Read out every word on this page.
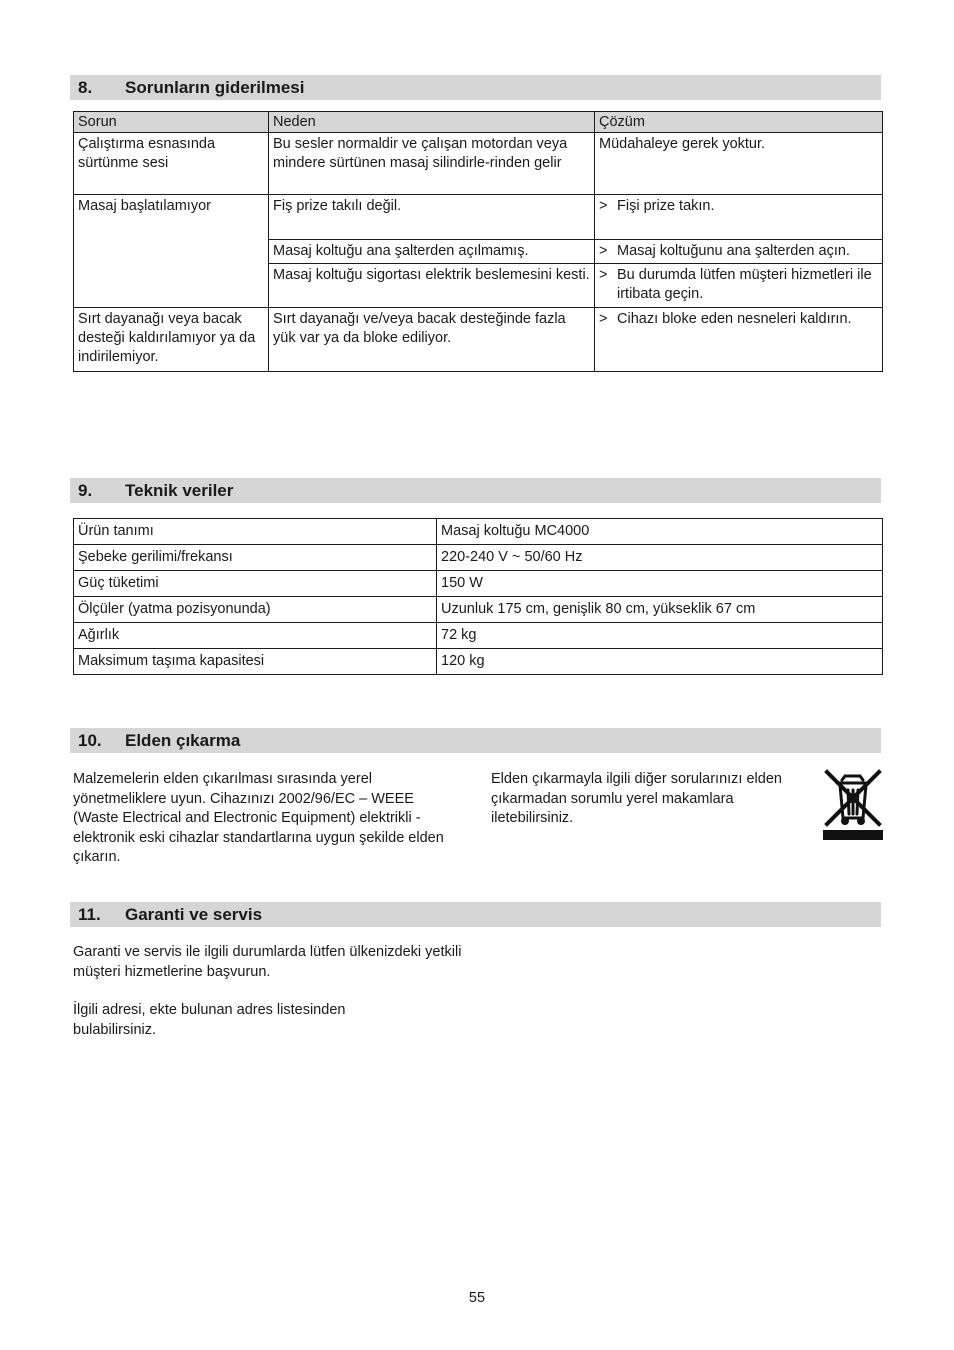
8. Sorunların giderilmesi
Sorun	Neden	Çözüm
Çalıştırma esnasında sürtünme sesi	Bu sesler normaldir ve çalışan motordan veya mindere sürtünen masaj silindirle-rinden gelir	Müdahaleye gerek yoktur.
Masaj başlatılamıyor	Fiş prize takılı değil.	> Fişi prize takın.

	Masaj koltuğu ana şalterden açılmamış.	> Masaj koltuğunu ana şalterden açın.

	Masaj koltuğu sigortası elektrik beslemesini kesti.	> Bu durumda lütfen müşteri hizmetleri ile irtibata geçin.

Sırt dayanağı veya bacak desteği kaldırılamıyor ya da indirilemiyor.	Sırt dayanağı ve/veya bacak desteğinde fazla yük var ya da bloke ediliyor.	> Cihazı bloke eden nesneleri kaldırın.
9. Teknik veriler
Ürün tanımı	Masaj koltuğu MC4000
Şebeke gerilimi/frekansı	220-240 V ~ 50/60 Hz
Güç tüketimi	150 W
Ölçüler (yatma pozisyonunda)	Uzunluk 175 cm, genişlik 80 cm, yükseklik 67 cm
Ağırlık	72 kg
Maksimum taşıma kapasitesi	120 kg
10. Elden çıkarma

Malzemelerin elden çıkarılması sırasında yerel yönetmeliklere uyun. Cihazınızı 2002/96/EC – WEEE (Waste Electrical and Electronic Equipment) elektrikli - elektronik eski cihazlar standartlarına uygun şekilde elden çıkarın.

Elden çıkarmayla ilgili diğer sorularınızı elden çıkarmadan sorumlu yerel makamlara iletebilirsiniz.

11. Garanti ve servis

Garanti ve servis ile ilgili durumlarda lütfen ülkenizdeki yetkili müşteri hizmetlerine başvurun.

İlgili adresi, ekte bulunan adres listesinden bulabilirsiniz.

55
